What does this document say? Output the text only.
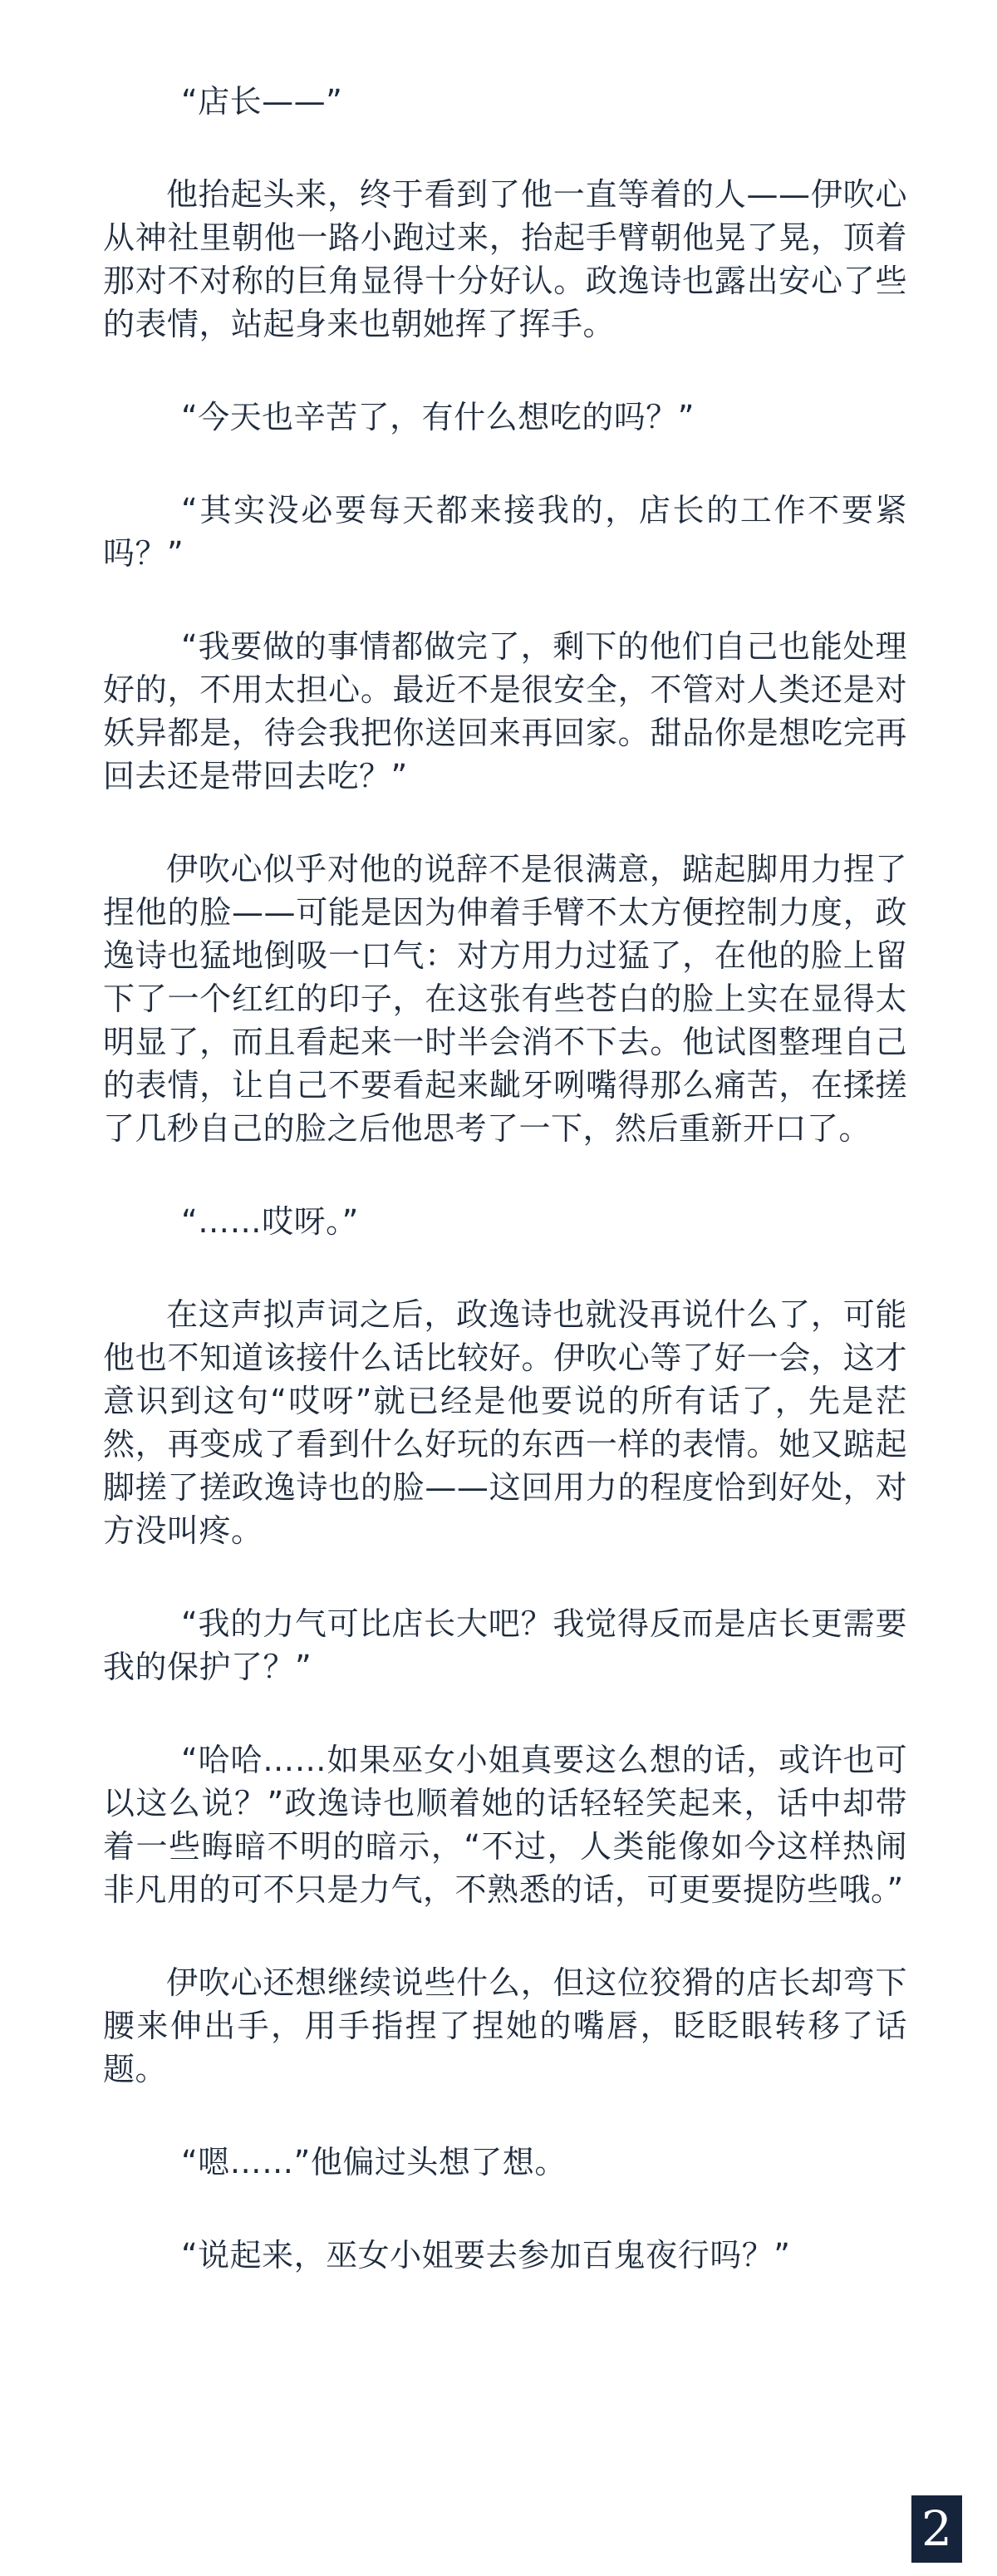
“店长——”

他抬起头来，终于看到了他一直等着的人——伊吹心从神社里朝他一路小跑过来，抬起手臂朝他晃了晃，顶着那对不对称的巨角显得十分好认。政逸诗也露出安心了些的表情，站起身来也朝她挥了挥手。

“今天也辛苦了，有什么想吃的吗？”

“其实没必要每天都来接我的，店长的工作不要紧吗？”

“我要做的事情都做完了，剩下的他们自己也能处理好的，不用太担心。最近不是很安全，不管对人类还是对妖异都是，待会我把你送回来再回家。甜品你是想吃完再回去还是带回去吃？”

伊吹心似乎对他的说辞不是很满意，踮起脚用力捏了捏他的脸——可能是因为伸着手臂不太方便控制力度，政逸诗也猛地倒吸一口气：对方用力过猛了，在他的脸上留下了一个红红的印子，在这张有些苍白的脸上实在显得太明显了，而且看起来一时半会消不下去。他试图整理自己的表情，让自己不要看起来龇牙咧嘴得那么痛苦，在揉搓了几秒自己的脸之后他思考了一下，然后重新开口了。

“……哎呀。”

在这声拟声词之后，政逸诗也就没再说什么了，可能他也不知道该接什么话比较好。伊吹心等了好一会，这才意识到这句“哎呀”就已经是他要说的所有话了，先是茫然，再变成了看到什么好玩的东西一样的表情。她又踮起脚搓了搓政逸诗也的脸——这回用力的程度恰到好处，对方没叫疼。

“我的力气可比店长大吧？我觉得反而是店长更需要我的保护了？”

“哈哈……如果巫女小姐真要这么想的话，或许也可以这么说？”政逸诗也顺着她的话轻轻笑起来，话中却带着一些晦暗不明的暗示，“不过，人类能像如今这样热闹非凡用的可不只是力气，不熟悉的话，可更要提防些哦。”

伊吹心还想继续说些什么，但这位狡猾的店长却弯下腰来伸出手，用手指捏了捏她的嘴唇，眨眨眼转移了话题。

“嗯……”他偏过头想了想。

“说起来，巫女小姐要去参加百鬼夜行吗？”

2
